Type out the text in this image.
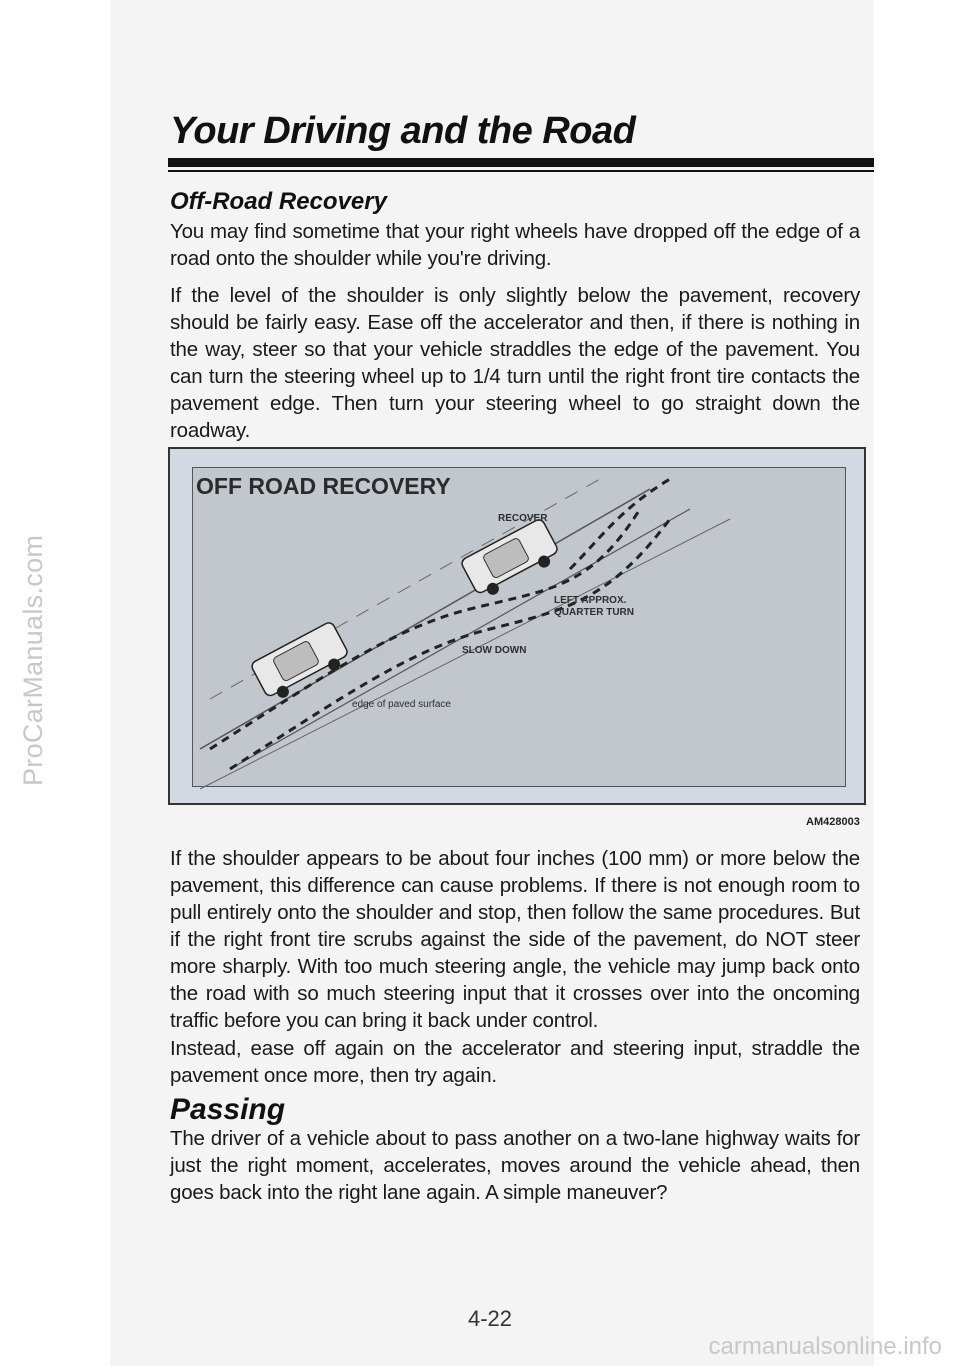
ProCarManuals.com
Your Driving and the Road
Off-Road Recovery

You may find sometime that your right wheels have dropped off the edge of a road onto the shoulder while you're driving.

If the level of the shoulder is only slightly below the pavement, recovery should be fairly easy. Ease off the accelerator and then, if there is nothing in the way, steer so that your vehicle straddles the edge of the pavement. You can turn the steering wheel up to 1/4 turn until the right front tire contacts the pavement edge. Then turn your steering wheel to go straight down the roadway.

OFF ROAD RECOVERY
RECOVER
LEFT APPROX.
QUARTER TURN
SLOW DOWN
edge of paved surface
AM428003

If the shoulder appears to be about four inches (100 mm) or more below the pavement, this difference can cause problems. If there is not enough room to pull entirely onto the shoulder and stop, then follow the same procedures. But if the right front tire scrubs against the side of the pavement, do NOT steer more sharply. With too much steering angle, the vehicle may jump back onto the road with so much steering input that it crosses over into the oncoming traffic before you can bring it back under control.

Instead, ease off again on the accelerator and steering input, straddle the pavement once more, then try again.

Passing

The driver of a vehicle about to pass another on a two-lane highway waits for just the right moment, accelerates, moves around the vehicle ahead, then goes back into the right lane again. A simple maneuver?

4-22
carmanualsonline.info
